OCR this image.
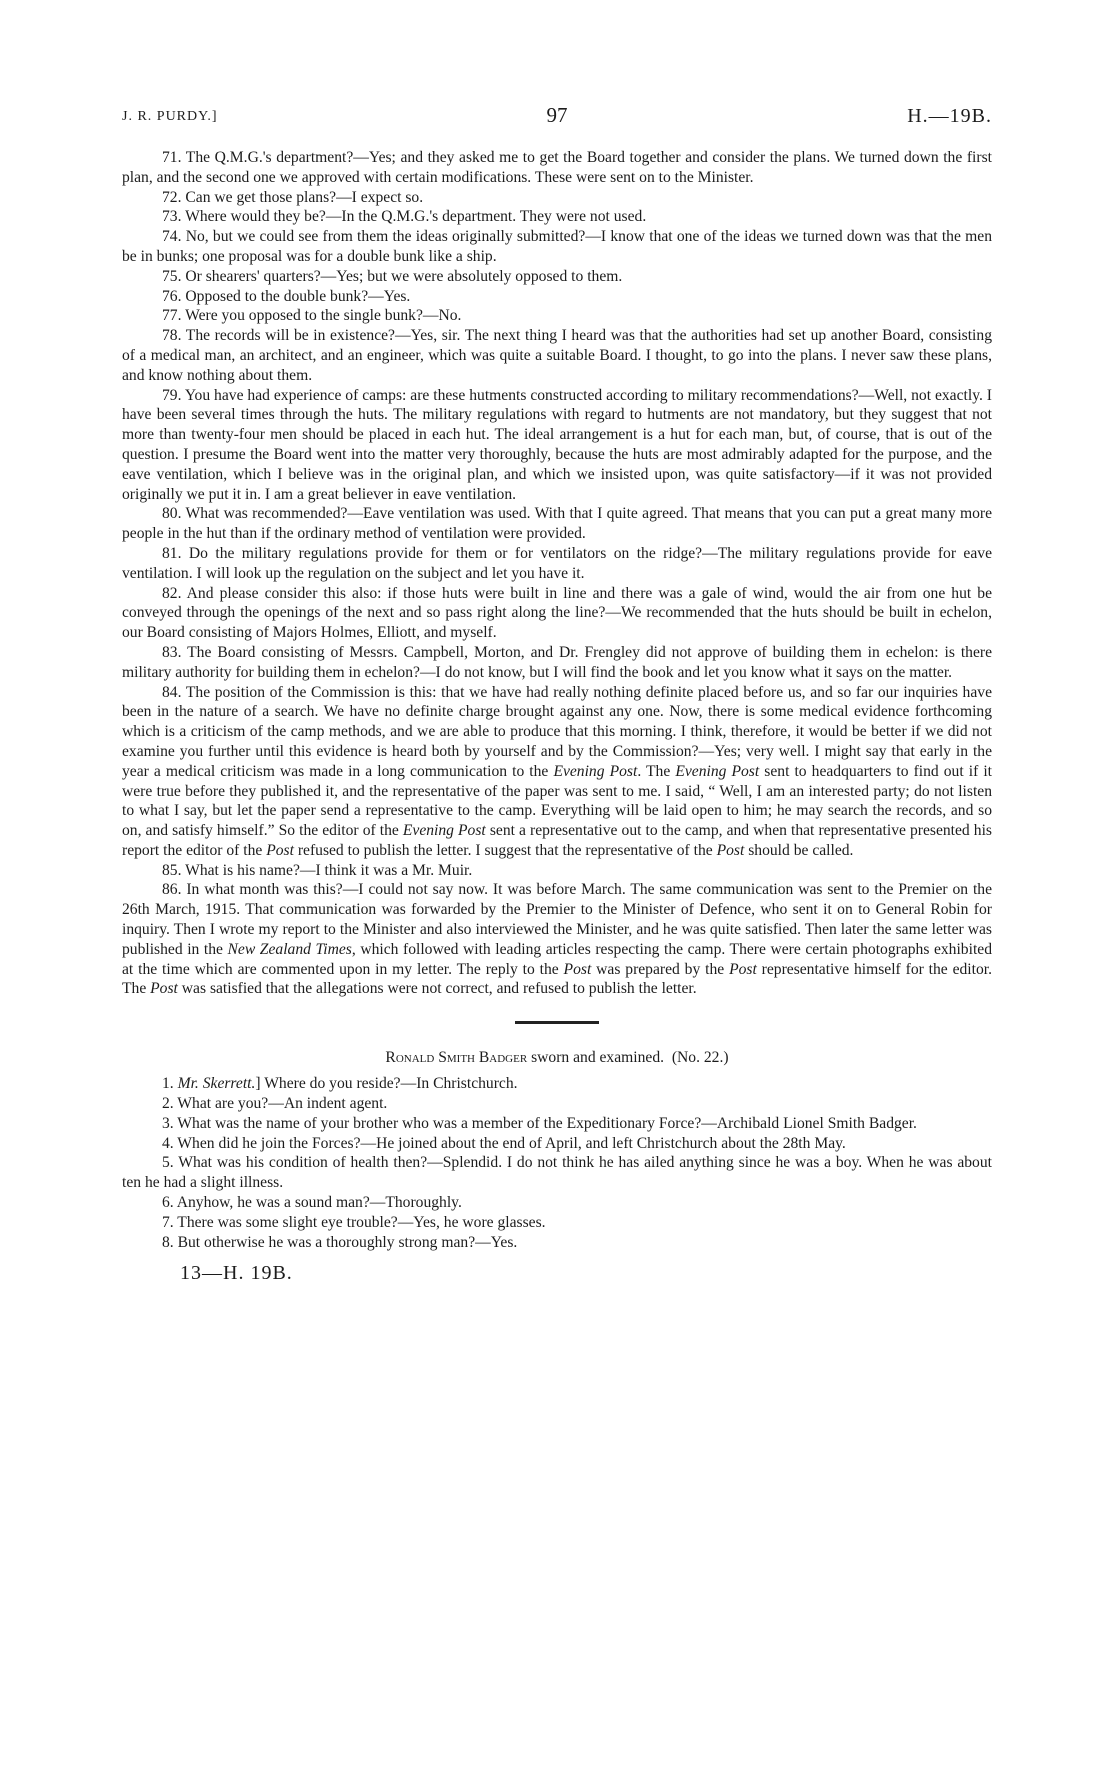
J. R. PURDY.]	97	H.—19B.

71. The Q.M.G.'s department?—Yes; and they asked me to get the Board together and consider the plans. We turned down the first plan, and the second one we approved with certain modifications. These were sent on to the Minister.

72. Can we get those plans?—I expect so.

73. Where would they be?—In the Q.M.G.'s department. They were not used.

74. No, but we could see from them the ideas originally submitted?—I know that one of the ideas we turned down was that the men be in bunks; one proposal was for a double bunk like a ship.

75. Or shearers' quarters?—Yes; but we were absolutely opposed to them.

76. Opposed to the double bunk?—Yes.

77. Were you opposed to the single bunk?—No.

78. The records will be in existence?—Yes, sir. The next thing I heard was that the authorities had set up another Board, consisting of a medical man, an architect, and an engineer, which was quite a suitable Board. I thought, to go into the plans. I never saw these plans, and know nothing about them.

79. You have had experience of camps: are these hutments constructed according to military recommendations?—Well, not exactly. I have been several times through the huts. The military regulations with regard to hutments are not mandatory, but they suggest that not more than twenty-four men should be placed in each hut. The ideal arrangement is a hut for each man, but, of course, that is out of the question. I presume the Board went into the matter very thoroughly, because the huts are most admirably adapted for the purpose, and the eave ventilation, which I believe was in the original plan, and which we insisted upon, was quite satisfactory—if it was not provided originally we put it in. I am a great believer in eave ventilation.

80. What was recommended?—Eave ventilation was used. With that I quite agreed. That means that you can put a great many more people in the hut than if the ordinary method of ventilation were provided.

81. Do the military regulations provide for them or for ventilators on the ridge?—The military regulations provide for eave ventilation. I will look up the regulation on the subject and let you have it.

82. And please consider this also: if those huts were built in line and there was a gale of wind, would the air from one hut be conveyed through the openings of the next and so pass right along the line?—We recommended that the huts should be built in echelon, our Board consisting of Majors Holmes, Elliott, and myself.

83. The Board consisting of Messrs. Campbell, Morton, and Dr. Frengley did not approve of building them in echelon: is there military authority for building them in echelon?—I do not know, but I will find the book and let you know what it says on the matter.

84. The position of the Commission is this: that we have had really nothing definite placed before us, and so far our inquiries have been in the nature of a search. We have no definite charge brought against any one. Now, there is some medical evidence forthcoming which is a criticism of the camp methods, and we are able to produce that this morning. I think, therefore, it would be better if we did not examine you further until this evidence is heard both by yourself and by the Commission?—Yes; very well. I might say that early in the year a medical criticism was made in a long communication to the Evening Post. The Evening Post sent to headquarters to find out if it were true before they published it, and the representative of the paper was sent to me. I said, “ Well, I am an interested party; do not listen to what I say, but let the paper send a representative to the camp. Everything will be laid open to him; he may search the records, and so on, and satisfy himself.” So the editor of the Evening Post sent a representative out to the camp, and when that representative presented his report the editor of the Post refused to publish the letter. I suggest that the representative of the Post should be called.

85. What is his name?—I think it was a Mr. Muir.

86. In what month was this?—I could not say now. It was before March. The same communication was sent to the Premier on the 26th March, 1915. That communication was forwarded by the Premier to the Minister of Defence, who sent it on to General Robin for inquiry. Then I wrote my report to the Minister and also interviewed the Minister, and he was quite satisfied. Then later the same letter was published in the New Zealand Times, which followed with leading articles respecting the camp. There were certain photographs exhibited at the time which are commented upon in my letter. The reply to the Post was prepared by the Post representative himself for the editor. The Post was satisfied that the allegations were not correct, and refused to publish the letter.

Ronald Smith Badger sworn and examined. (No. 22.)

1. Mr. Skerrett.] Where do you reside?—In Christchurch.

2. What are you?—An indent agent.

3. What was the name of your brother who was a member of the Expeditionary Force?—Archibald Lionel Smith Badger.

4. When did he join the Forces?—He joined about the end of April, and left Christchurch about the 28th May.

5. What was his condition of health then?—Splendid. I do not think he has ailed anything since he was a boy. When he was about ten he had a slight illness.

6. Anyhow, he was a sound man?—Thoroughly.

7. There was some slight eye trouble?—Yes, he wore glasses.

8. But otherwise he was a thoroughly strong man?—Yes.

13—H. 19B.
